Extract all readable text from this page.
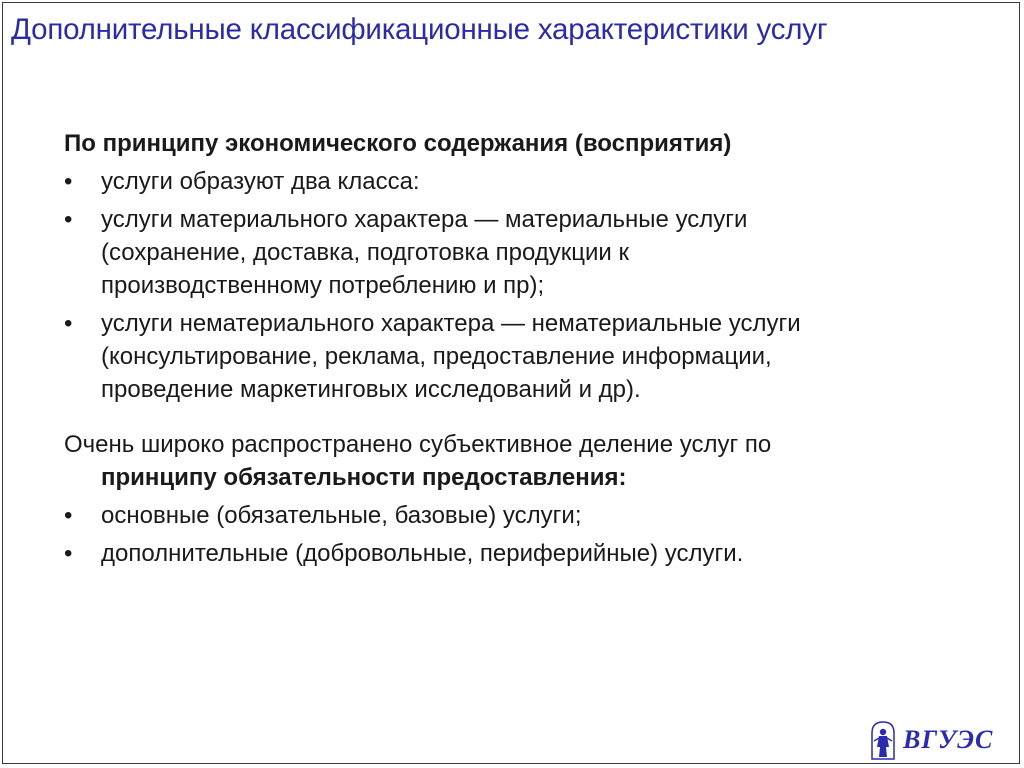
Дополнительные классификационные характеристики услуг
По принципу экономического содержания (восприятия)
• услуги образуют два класса:
• услуги материального характера — материальные услуги
(сохранение, доставка, подготовка продукции к
производственному потреблению и пр);
• услуги нематериального характера — нематериальные услуги
(консультирование, реклама, предоставление информации,
проведение маркетинговых исследований и др).
Очень широко распространено субъективное деление услуг по
принципу обязательности предоставления:
• основные (обязательные, базовые) услуги;
• дополнительные (добровольные, периферийные) услуги.
ВГУЭС
